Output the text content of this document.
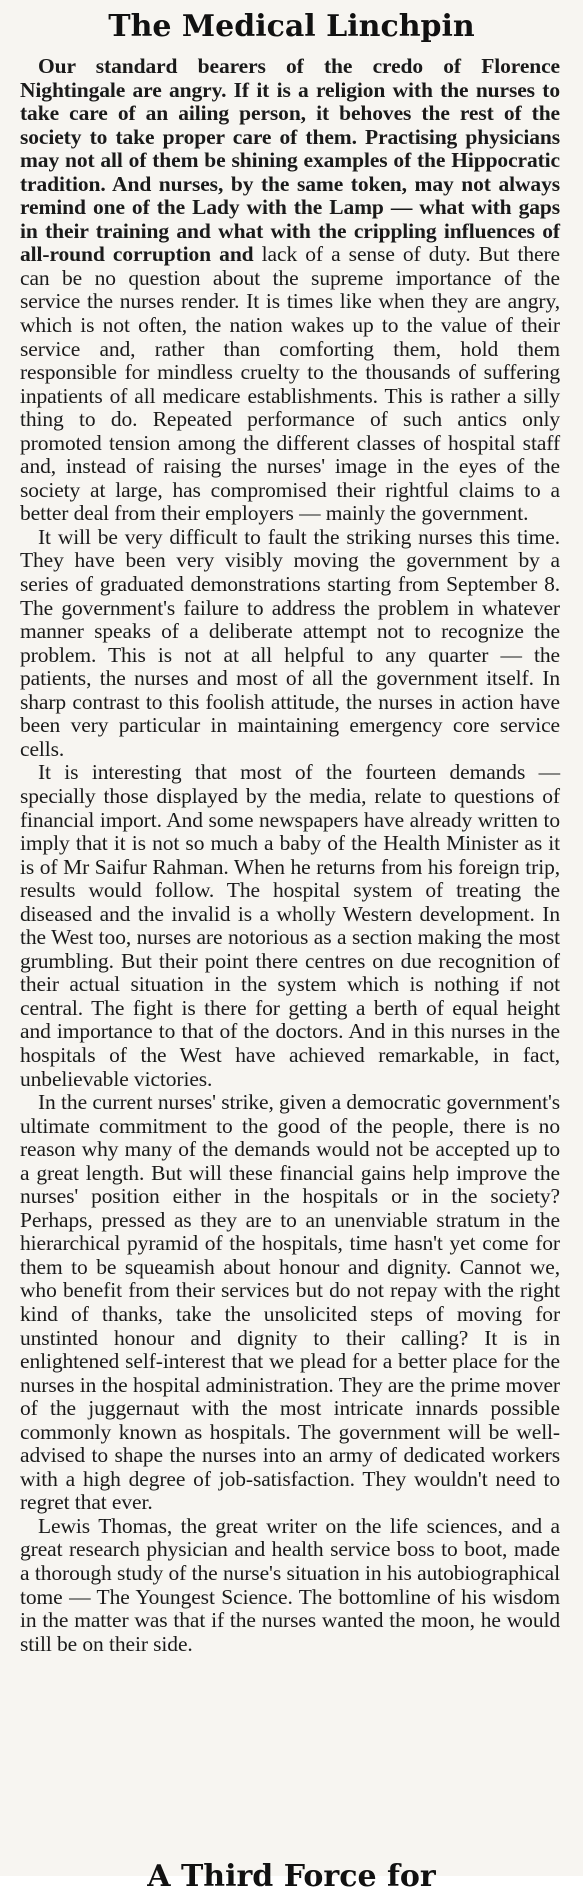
The Medical Linchpin

Our standard bearers of the credo of Florence Nightingale are angry. If it is a religion with the nurses to take care of an ailing person, it behoves the rest of the society to take proper care of them. Practising physicians may not all of them be shining examples of the Hippocratic tradition. And nurses, by the same token, may not always remind one of the Lady with the Lamp — what with gaps in their training and what with the crippling influences of all-round corruption and lack of a sense of duty. But there can be no question about the supreme importance of the service the nurses render. It is times like when they are angry, which is not often, the nation wakes up to the value of their service and, rather than comforting them, hold them responsible for mindless cruelty to the thousands of suffering inpatients of all medicare establishments. This is rather a silly thing to do. Repeated performance of such antics only promoted tension among the different classes of hospital staff and, instead of raising the nurses' image in the eyes of the society at large, has compromised their rightful claims to a better deal from their employers — mainly the government.

It will be very difficult to fault the striking nurses this time. They have been very visibly moving the government by a series of graduated demonstrations starting from September 8. The government's failure to address the problem in whatever manner speaks of a deliberate attempt not to recognize the problem. This is not at all helpful to any quarter — the patients, the nurses and most of all the government itself. In sharp contrast to this foolish attitude, the nurses in action have been very particular in maintaining emergency core service cells.

It is interesting that most of the fourteen demands — specially those displayed by the media, relate to questions of financial import. And some newspapers have already written to imply that it is not so much a baby of the Health Minister as it is of Mr Saifur Rahman. When he returns from his foreign trip, results would follow. The hospital system of treating the diseased and the invalid is a wholly Western development. In the West too, nurses are notorious as a section making the most grumbling. But their point there centres on due recognition of their actual situation in the system which is nothing if not central. The fight is there for getting a berth of equal height and importance to that of the doctors. And in this nurses in the hospitals of the West have achieved remarkable, in fact, unbelievable victories.

In the current nurses' strike, given a democratic government's ultimate commitment to the good of the people, there is no reason why many of the demands would not be accepted up to a great length. But will these financial gains help improve the nurses' position either in the hospitals or in the society? Perhaps, pressed as they are to an unenviable stratum in the hierarchical pyramid of the hospitals, time hasn't yet come for them to be squeamish about honour and dignity. Cannot we, who benefit from their services but do not repay with the right kind of thanks, take the unsolicited steps of moving for unstinted honour and dignity to their calling? It is in enlightened self-interest that we plead for a better place for the nurses in the hospital administration. They are the prime mover of the juggernaut with the most intricate innards possible commonly known as hospitals. The government will be well-advised to shape the nurses into an army of dedicated workers with a high degree of job-satisfaction. They wouldn't need to regret that ever.

Lewis Thomas, the great writer on the life sciences, and a great research physician and health service boss to boot, made a thorough study of the nurse's situation in his autobiographical tome — The Youngest Science. The bottomline of his wisdom in the matter was that if the nurses wanted the moon, he would still be on their side.

A Third Force for
